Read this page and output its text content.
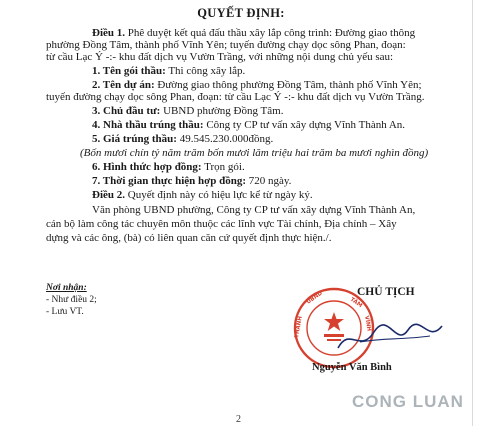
QUYẾT ĐỊNH:
Điều 1. Phê duyệt kết quả đấu thầu xây lắp công trình: Đường giao thông
phường Đồng Tâm, thành phố Vĩnh Yên; tuyến đường chạy dọc sông Phan, đoạn:
từ cầu Lạc Ý -:- khu đất dịch vụ Vườn Trầng, với những nội dung chủ yếu sau:
1. Tên gói thầu: Thi công xây lắp.
2. Tên dự án: Đường giao thông phường Đồng Tâm, thành phố Vĩnh Yên;
tuyến đường chạy dọc sông Phan, đoạn: từ cầu Lạc Ý -:- khu đất dịch vụ Vườn Trầng.
3. Chủ đầu tư: UBND phường Đồng Tâm.
4. Nhà thầu trúng thầu: Công ty CP tư vấn xây dựng Vĩnh Thành An.
5. Giá trúng thầu: 49.545.230.000đồng.
(Bốn mươi chín tỷ năm trăm bốn mươi lăm triệu hai trăm ba mươi nghìn đồng)
6. Hình thức hợp đồng: Trọn gói.
7. Thời gian thực hiện hợp đồng: 720 ngày.
Điều 2. Quyết định này có hiệu lực kể từ ngày ký.
Văn phòng UBND phường, Công ty CP tư vấn xây dựng Vĩnh Thành An,
cán bộ làm công tác chuyên môn thuộc các lĩnh vực Tài chính, Địa chính – Xây
dựng và các ông, (bà) có liên quan căn cứ quyết định thực hiện./.
Nơi nhận:
- Như điều 2;
- Lưu VT.
UBND	TÂM
THÀNH	VĨNH
CHỦ TỊCH
Nguyễn Văn Bình
CONG LUAN
2
